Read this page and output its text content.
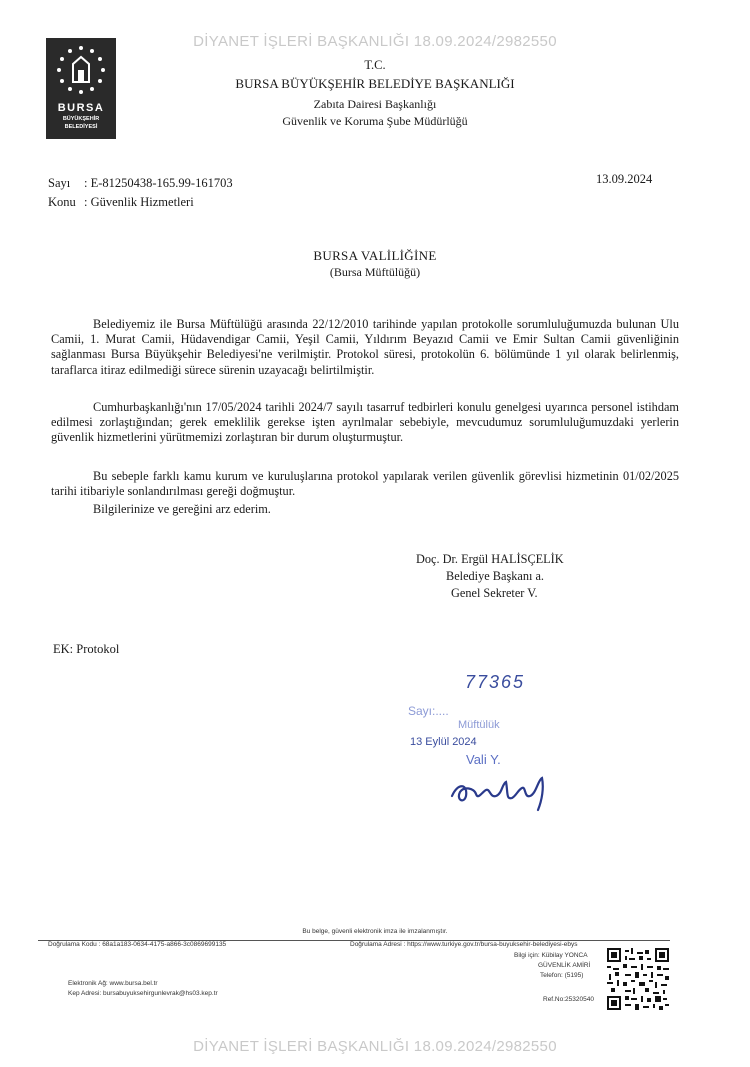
DİYANET İŞLERİ BAŞKANLIĞI 18.09.2024/2982550
DİYANET İŞLERİ BAŞKANLIĞI 18.09.2024/2982550
BURSA
BÜYÜKŞEHİR
BELEDİYESİ
T.C.
BURSA BÜYÜKŞEHİR BELEDİYE BAŞKANLIĞI
Zabıta Dairesi Başkanlığı
Güvenlik ve Koruma Şube Müdürlüğü
Sayı : E-81250438-165.99-161703
Konu : Güvenlik Hizmetleri
13.09.2024
BURSA VALİLİĞİNE
(Bursa Müftülüğü)
Belediyemiz ile Bursa Müftülüğü arasında 22/12/2010 tarihinde yapılan protokolle sorumluluğumuzda bulunan Ulu Camii, 1. Murat Camii, Hüdavendigar Camii, Yeşil Camii, Yıldırım Beyazıd Camii ve Emir Sultan Camii güvenliğinin sağlanması Bursa Büyükşehir Belediyesi'ne verilmiştir. Protokol süresi, protokolün 6. bölümünde 1 yıl olarak belirlenmiş, taraflarca itiraz edilmediği sürece sürenin uzayacağı belirtilmiştir.
Cumhurbaşkanlığı'nın 17/05/2024 tarihli 2024/7 sayılı tasarruf tedbirleri konulu genelgesi uyarınca personel istihdam edilmesi zorlaştığından; gerek emeklilik gerekse işten ayrılmalar sebebiyle, mevcudumuz sorumluluğumuzdaki yerlerin güvenlik hizmetlerini yürütmemizi zorlaştıran bir durum oluşturmuştur.
Bu sebeple farklı kamu kurum ve kuruluşlarına protokol yapılarak verilen güvenlik görevlisi hizmetinin 01/02/2025 tarihi itibariyle sonlandırılması gereği doğmuştur.
Bilgilerinize ve gereğini arz ederim.
Doç. Dr. Ergül HALİSÇELİK
Belediye Başkanı a.
Genel Sekreter V.
EK: Protokol
77365
Sayı:....
Müftülük
13 Eylül 2024
Vali Y.
Bu belge, güvenli elektronik imza ile imzalanmıştır.
Doğrulama Kodu : 68a1a183-0634-4175-a866-3c0869699135	Doğrulama Adresi : https://www.turkiye.gov.tr/bursa-buyuksehir-belediyesi-ebys
Bilgi için: Kübilay YONCA
GÜVENLİK AMİRİ
Telefon: (5195)
Elektronik Ağ: www.bursa.bel.tr
Kep Adresi: bursabuyuksehirgunlevrak@hs03.kep.tr
Ref.No:25320540
